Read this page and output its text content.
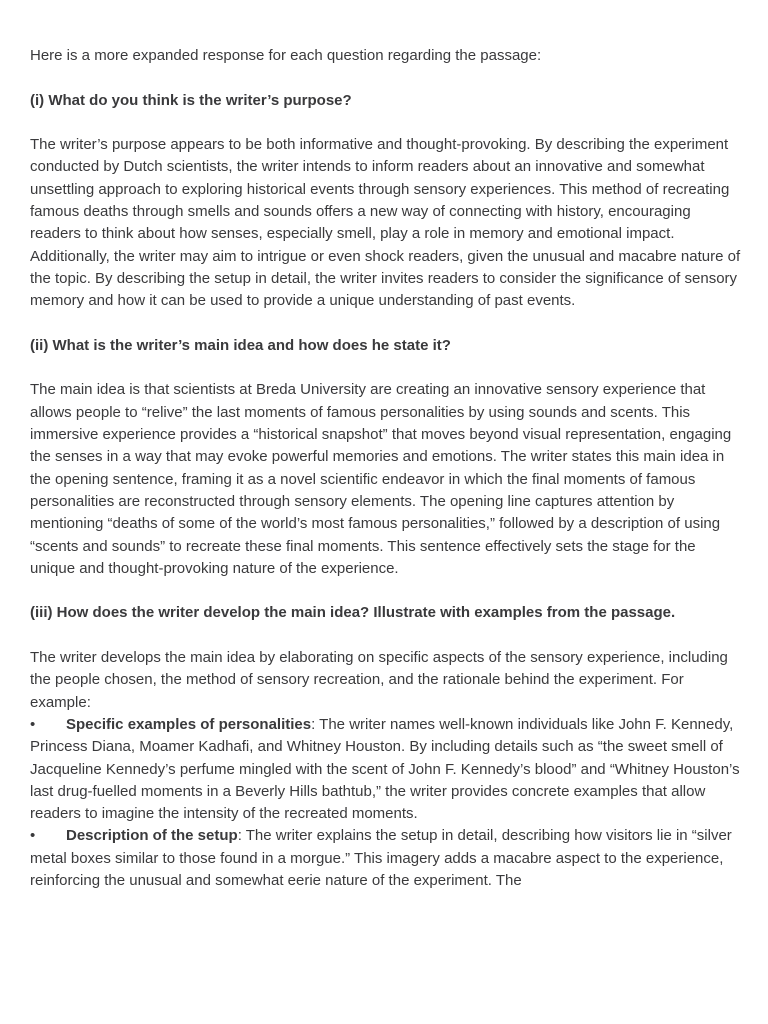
Here is a more expanded response for each question regarding the passage:

(i) What do you think is the writer’s purpose?

The writer’s purpose appears to be both informative and thought-provoking. By describing the experiment conducted by Dutch scientists, the writer intends to inform readers about an innovative and somewhat unsettling approach to exploring historical events through sensory experiences. This method of recreating famous deaths through smells and sounds offers a new way of connecting with history, encouraging readers to think about how senses, especially smell, play a role in memory and emotional impact. Additionally, the writer may aim to intrigue or even shock readers, given the unusual and macabre nature of the topic. By describing the setup in detail, the writer invites readers to consider the significance of sensory memory and how it can be used to provide a unique understanding of past events.

(ii) What is the writer’s main idea and how does he state it?

The main idea is that scientists at Breda University are creating an innovative sensory experience that allows people to “relive” the last moments of famous personalities by using sounds and scents. This immersive experience provides a “historical snapshot” that moves beyond visual representation, engaging the senses in a way that may evoke powerful memories and emotions. The writer states this main idea in the opening sentence, framing it as a novel scientific endeavor in which the final moments of famous personalities are reconstructed through sensory elements. The opening line captures attention by mentioning “deaths of some of the world’s most famous personalities,” followed by a description of using “scents and sounds” to recreate these final moments. This sentence effectively sets the stage for the unique and thought-provoking nature of the experience.

(iii) How does the writer develop the main idea? Illustrate with examples from the passage.

The writer develops the main idea by elaborating on specific aspects of the sensory experience, including the people chosen, the method of sensory recreation, and the rationale behind the experiment. For example:

• Specific examples of personalities: The writer names well-known individuals like John F. Kennedy, Princess Diana, Moamer Kadhafi, and Whitney Houston. By including details such as “the sweet smell of Jacqueline Kennedy’s perfume mingled with the scent of John F. Kennedy’s blood” and “Whitney Houston’s last drug-fuelled moments in a Beverly Hills bathtub,” the writer provides concrete examples that allow readers to imagine the intensity of the recreated moments.

• Description of the setup: The writer explains the setup in detail, describing how visitors lie in “silver metal boxes similar to those found in a morgue.” This imagery adds a macabre aspect to the experience, reinforcing the unusual and somewhat eerie nature of the experiment. The
